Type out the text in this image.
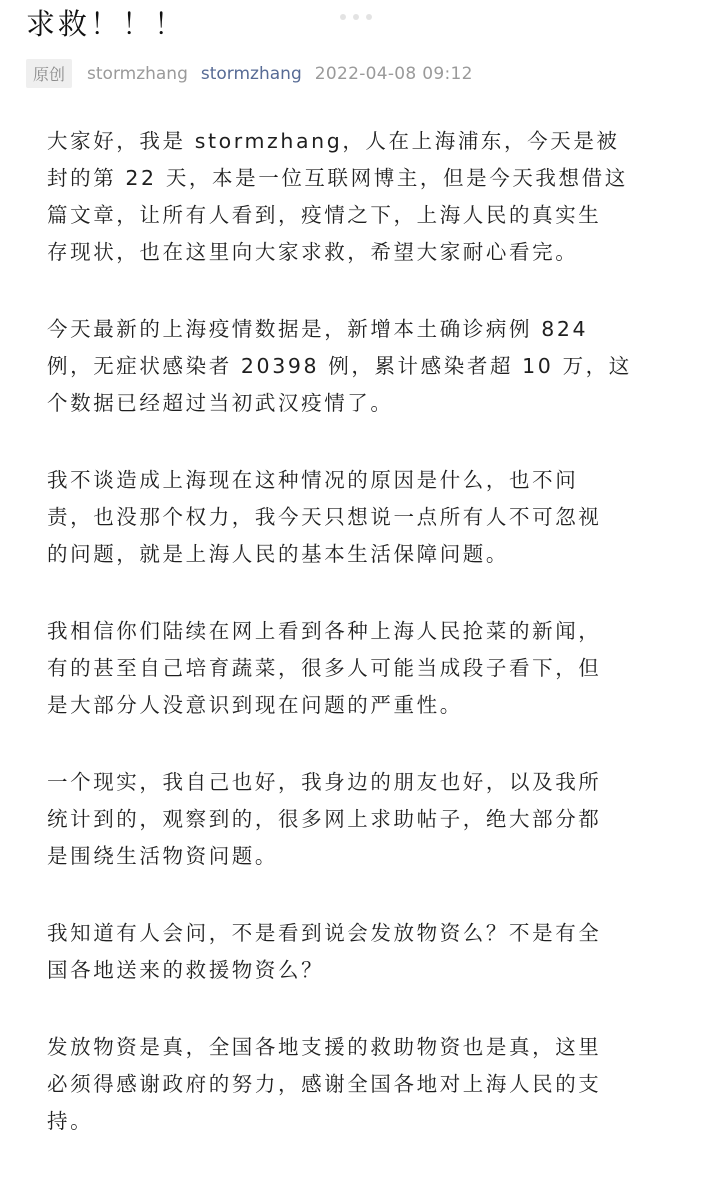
求救！！！
原创	stormzhang stormzhang 2022-04-08 09:12

大家好，我是 stormzhang，人在上海浦东，今天是被
封的第 22 天，本是一位互联网博主，但是今天我想借这
篇文章，让所有人看到，疫情之下，上海人民的真实生
存现状，也在这里向大家求救，希望大家耐心看完。

今天最新的上海疫情数据是，新增本土确诊病例 824
例，无症状感染者 20398 例，累计感染者超 10 万，这
个数据已经超过当初武汉疫情了。

我不谈造成上海现在这种情况的原因是什么，也不问
责，也没那个权力，我今天只想说一点所有人不可忽视
的问题，就是上海人民的基本生活保障问题。

我相信你们陆续在网上看到各种上海人民抢菜的新闻，
有的甚至自己培育蔬菜，很多人可能当成段子看下，但
是大部分人没意识到现在问题的严重性。

一个现实，我自己也好，我身边的朋友也好，以及我所
统计到的，观察到的，很多网上求助帖子，绝大部分都
是围绕生活物资问题。

我知道有人会问，不是看到说会发放物资么？不是有全
国各地送来的救援物资么？

发放物资是真，全国各地支援的救助物资也是真，这里
必须得感谢政府的努力，感谢全国各地对上海人民的支
持。
